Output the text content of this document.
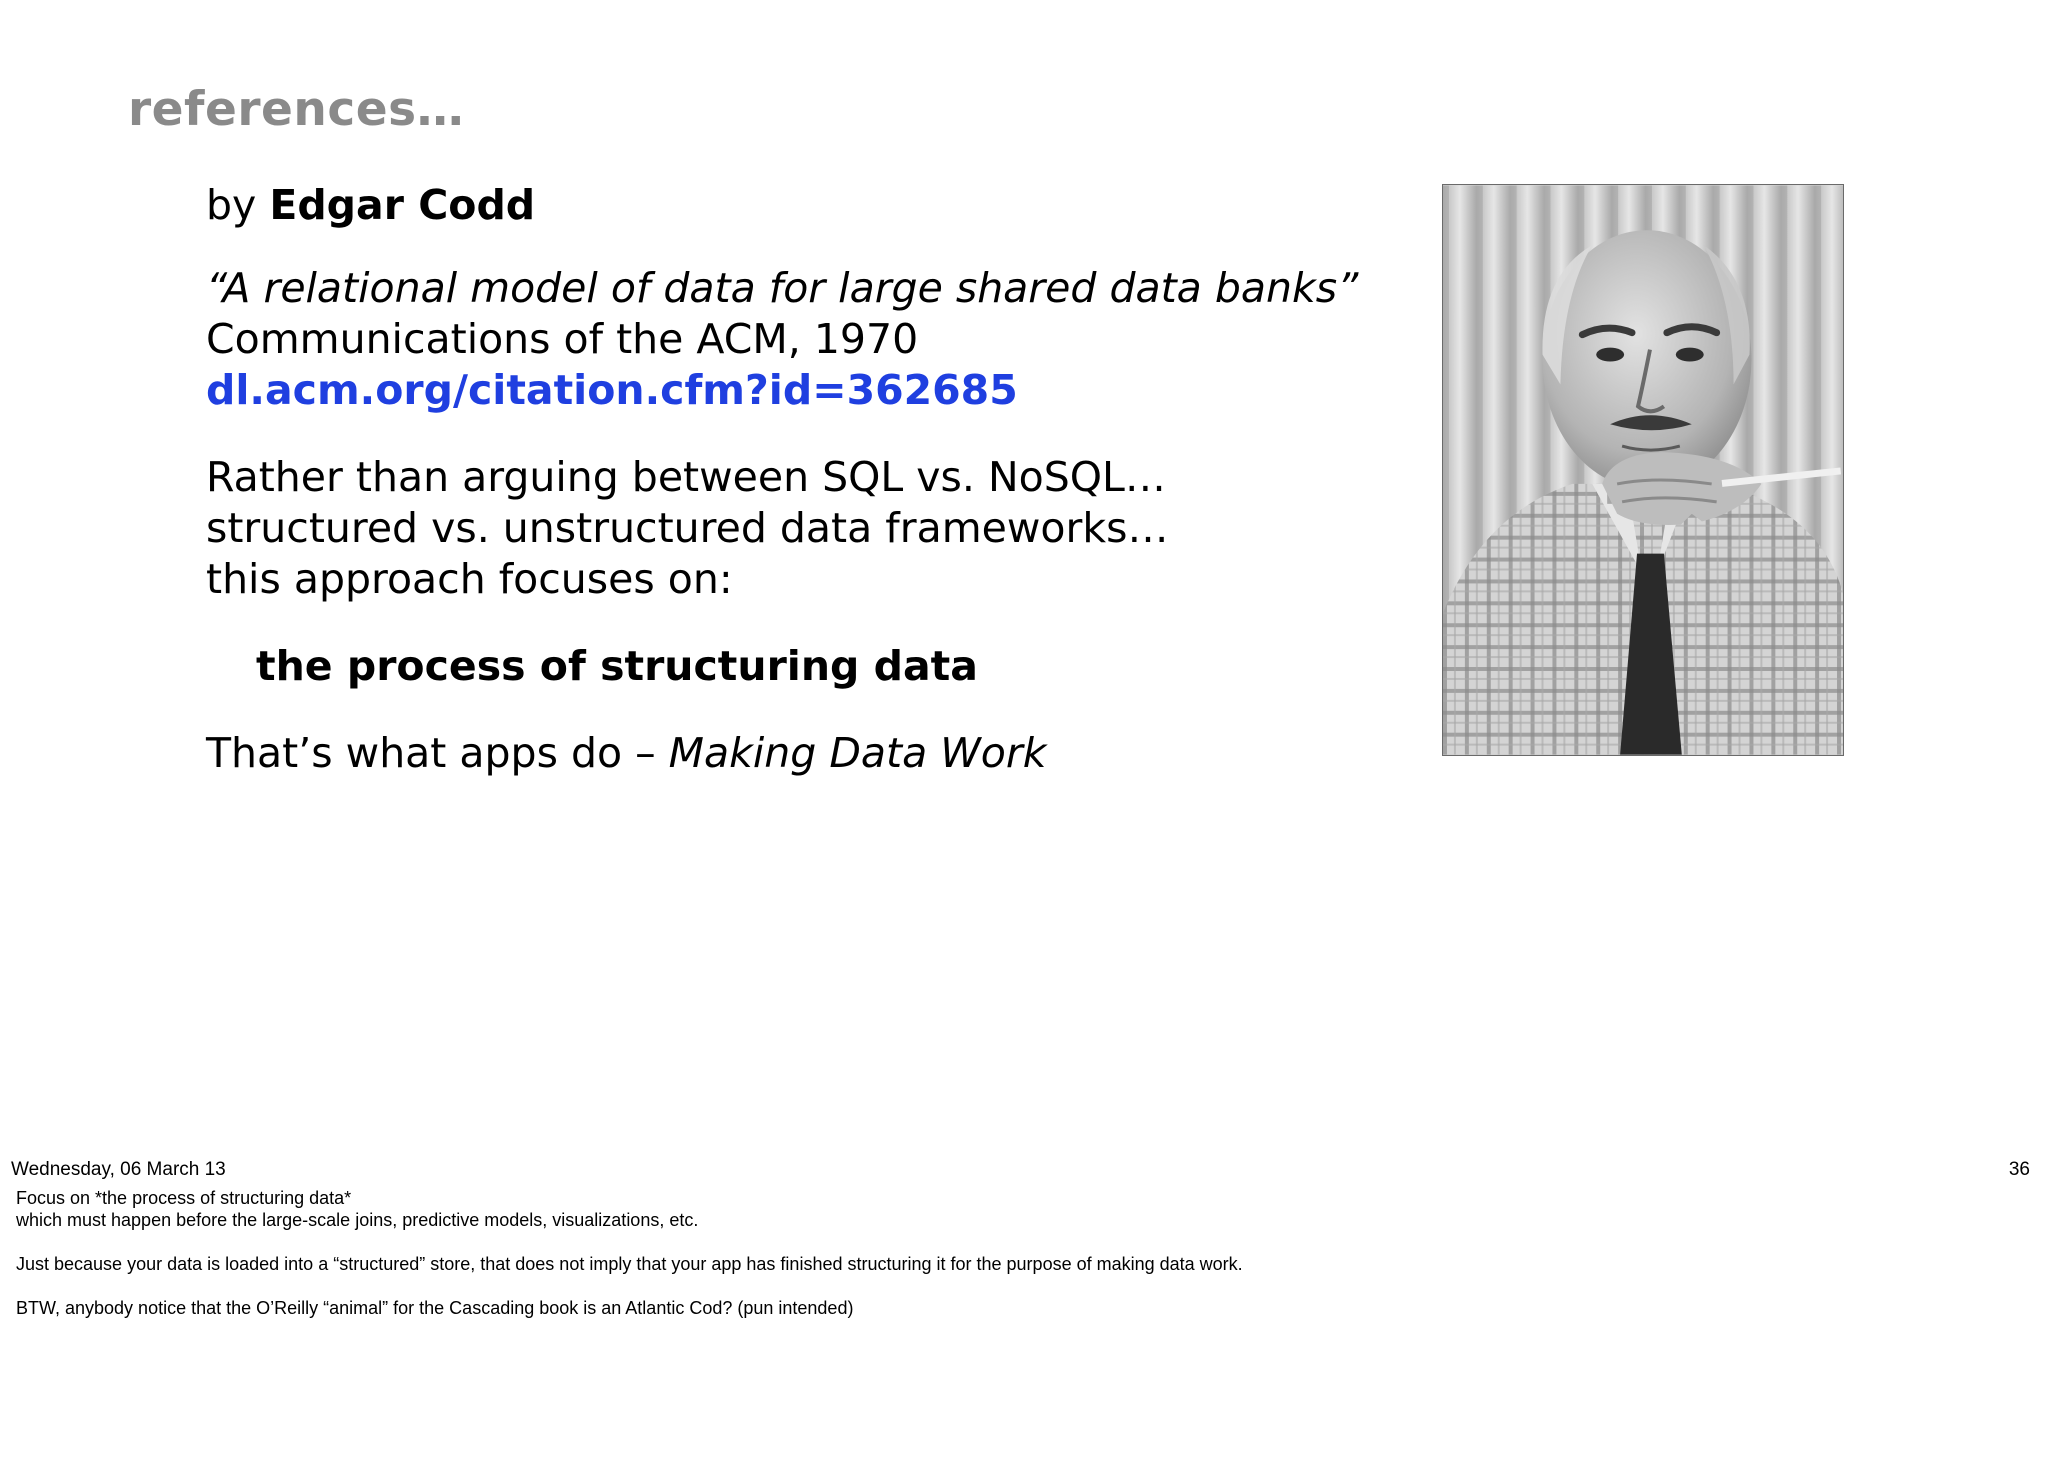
references…

by Edgar Codd

“A relational model of data for large shared data banks”
Communications of the ACM, 1970
dl.acm.org/citation.cfm?id=362685

Rather than arguing between SQL vs. NoSQL…
structured vs. unstructured data frameworks…
this approach focuses on:

the process of structuring data

That’s what apps do – Making Data Work

Wednesday, 06 March 13	36

Focus on *the process of structuring data*
which must happen before the large-scale joins, predictive models, visualizations, etc.

Just because your data is loaded into a “structured” store, that does not imply that your app has finished structuring it for the purpose of making data work.

BTW, anybody notice that the O’Reilly “animal” for the Cascading book is an Atlantic Cod? (pun intended)
